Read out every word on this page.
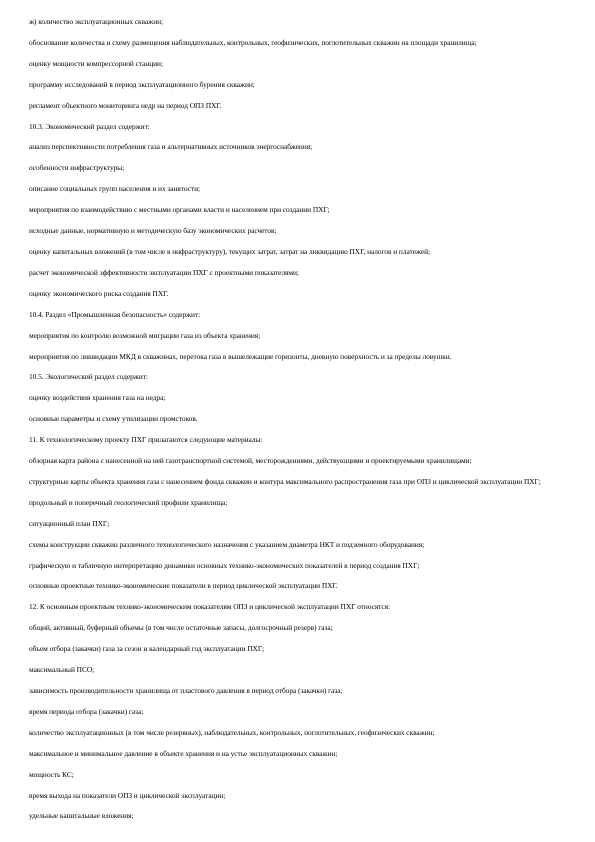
ж) количество эксплуатационных скважин;

обоснование количества и схему размещения наблюдательных, контрольных, геофизических, поглотительных скважин на площади хранилища;

оценку мощности компрессорной станции;

программу исследований в период эксплуатационного бурения скважин;

регламент объектного мониторинга недр на период ОПЗ ПХГ.

10.3. Экономический раздел содержит:

анализ перспективности потребления газа и альтернативных источников энергоснабжения;

особенности инфраструктуры;

описание социальных групп населения и их занятости;

мероприятия по взаимодействию с местными органами власти и населением при создании ПХГ;

исходные данные, нормативную и методическую базу экономических расчетов;

оценку капитальных вложений (в том числе в инфраструктуру), текущих затрат, затрат на ликвидацию ПХГ, налогов и платежей;

расчет экономической эффективности эксплуатации ПХГ с проектными показателями;

оценку экономического риска создания ПХГ.

10.4. Раздел «Промышленная безопасность» содержит:

мероприятия по контролю возможной миграции газа из объекта хранения;

мероприятия по ликвидации МКД в скважинах, перетока газа в вышележащие горизонты, дневную поверхность и за пределы ловушки.

10.5. Экологический раздел содержит:

оценку воздействия хранения газа на недра;

основные параметры и схему утилизации промстоков.

11. К технологическому проекту ПХГ прилагаются следующие материалы:

обзорная карта района с нанесенной на ней газотранспортной системой, месторождениями, действующими и проектируемыми хранилищами;

структурные карты объекта хранения газа с нанесением фонда скважин и контура максимального распространения газа при ОПЗ и циклической эксплуатации ПХГ;

продольный и поперечный геологический профили хранилища;

ситуационный план ПХГ;

схемы конструкции скважин различного технологического назначения с указанием диаметра НКТ и подземного оборудования;

графическую и табличную интерпретацию динамики основных технико-экономических показателей в период создания ПХГ;

основные проектные технико-экономические показатели в период циклической эксплуатации ПХГ.

12. К основным проектным технико-экономическим показателям ОПЗ и циклической эксплуатации ПХГ относятся:

общий, активный, буферный объемы (в том числе остаточные запасы, долгосрочный резерв) газа;

объем отбора (закачки) газа за сезон и календарный год эксплуатации ПХГ;

максимальный ПСО;

зависимость производительности хранилища от пластового давления в период отбора (закачки) газа;

время периода отбора (закачки) газа;

количество эксплуатационных (в том числе резервных), наблюдательных, контрольных, поглотительных, геофизических скважин;

максимальное и минимальное давление в объекте хранения и на устье эксплуатационных скважин;

мощность КС;

время выхода на показатели ОПЗ и циклической эксплуатации;

удельные капитальные вложения;
